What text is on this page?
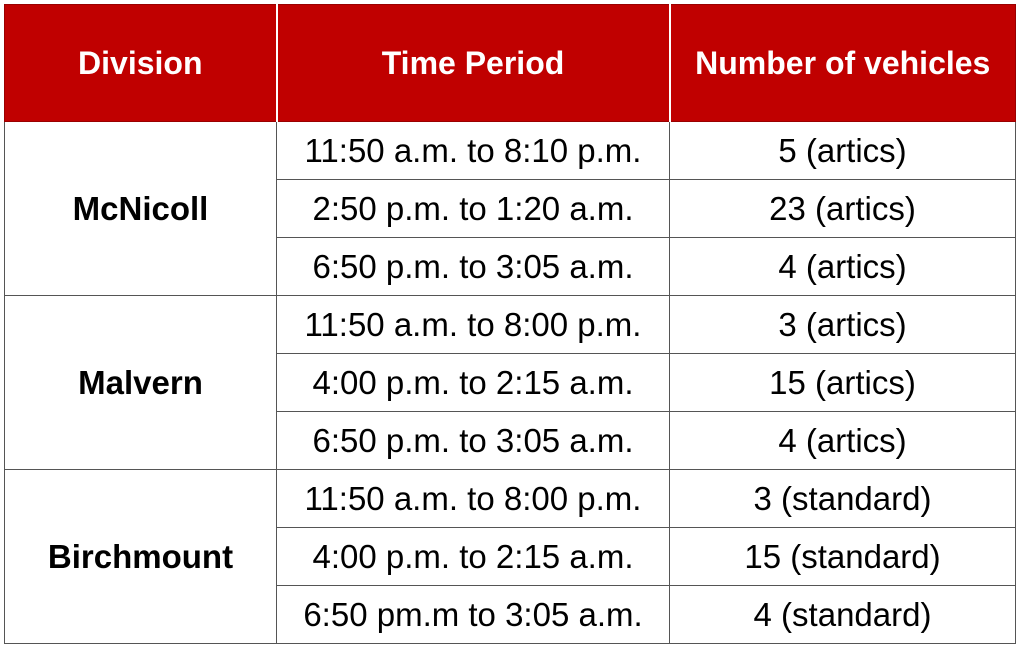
Division	Time Period	Number of vehicles
McNicoll	11:50 a.m. to 8:10 p.m.	5 (artics)
	2:50 p.m. to 1:20 a.m.	23 (artics)
	6:50 p.m. to 3:05 a.m.	4 (artics)
Malvern	11:50 a.m. to 8:00 p.m.	3 (artics)
	4:00 p.m. to 2:15 a.m.	15 (artics)
	6:50 p.m. to 3:05 a.m.	4 (artics)
Birchmount	11:50 a.m. to 8:00 p.m.	3 (standard)
	4:00 p.m. to 2:15 a.m.	15 (standard)
	6:50 pm.m to 3:05 a.m.	4 (standard)
